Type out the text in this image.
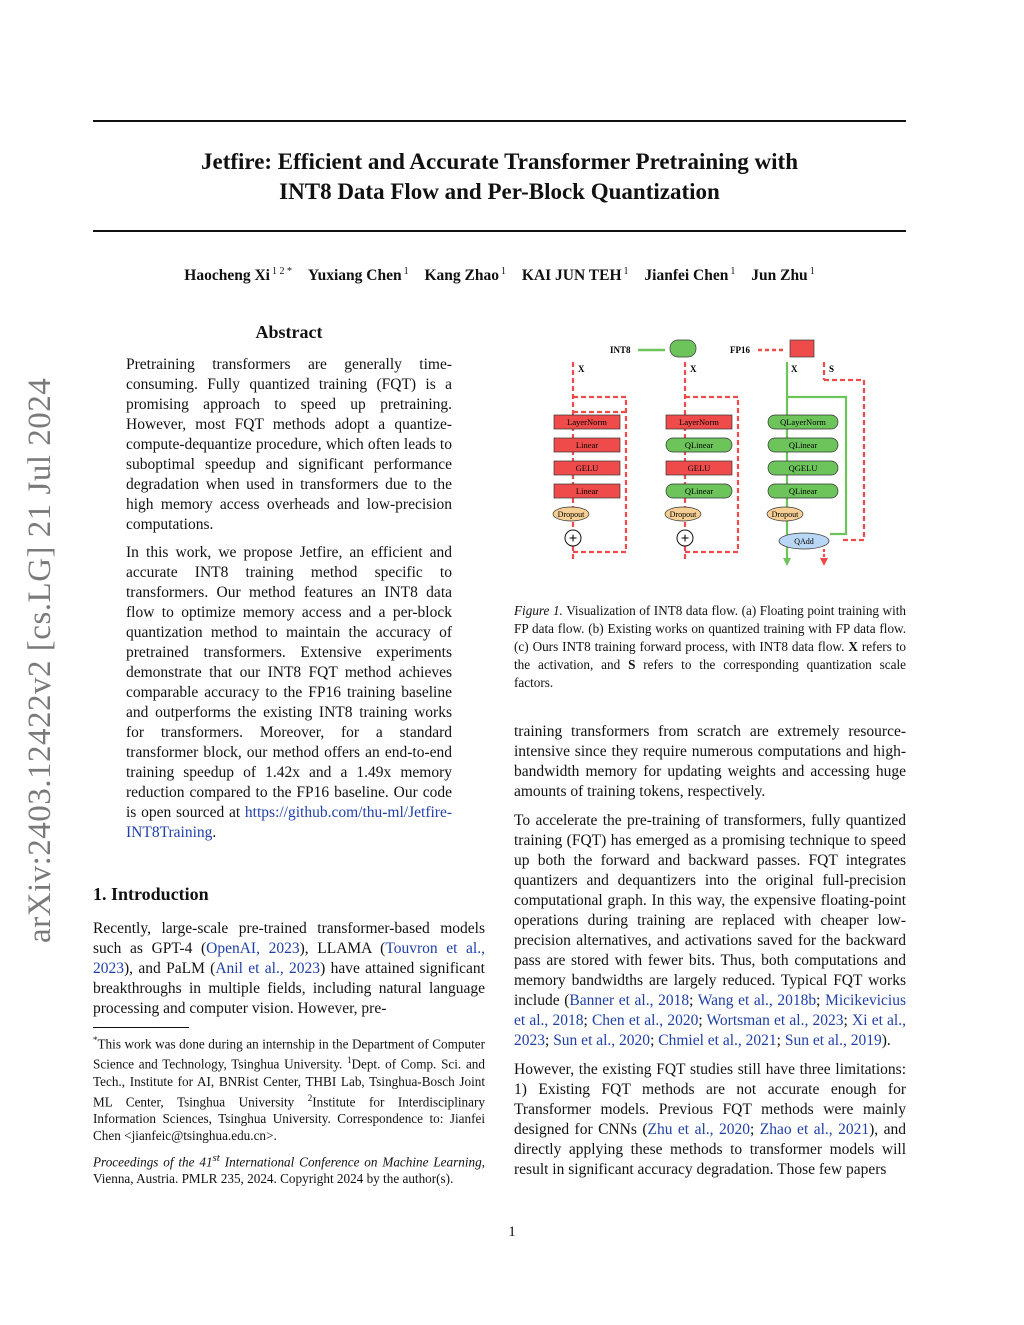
Jetfire: Efficient and Accurate Transformer Pretraining with
INT8 Data Flow and Per-Block Quantization
Haocheng Xi $^{1 2 *}$ Yuxiang Chen $^1$ Kang Zhao $^1$ KAI JUN TEH $^1$ Jianfei Chen $^1$ Jun Zhu $^1$
arXiv:2403.12422v2 [cs.LG] 21 Jul 2024
Abstract

Pretraining transformers are generally time-consuming. Fully quantized training (FQT) is a promising approach to speed up pretraining. However, most FQT methods adopt a quantize-compute-dequantize procedure, which often leads to suboptimal speedup and significant performance degradation when used in transformers due to the high memory access overheads and low-precision computations.

In this work, we propose Jetfire, an efficient and accurate INT8 training method specific to transformers. Our method features an INT8 data flow to optimize memory access and a per-block quantization method to maintain the accuracy of pretrained transformers. Extensive experiments demonstrate that our INT8 FQT method achieves comparable accuracy to the FP16 training baseline and outperforms the existing INT8 training works for transformers. Moreover, for a standard transformer block, our method offers an end-to-end training speedup of 1.42x and a 1.49x memory reduction compared to the FP16 baseline. Our code is open sourced at https://github.com/thu-ml/Jetfire-INT8Training.

1. Introduction

Recently, large-scale pre-trained transformer-based models such as GPT-4 (OpenAI, 2023), LLAMA (Touvron et al., 2023), and PaLM (Anil et al., 2023) have attained significant breakthroughs in multiple fields, including natural language processing and computer vision. However, pre-

*This work was done during an internship in the Department of Computer Science and Technology, Tsinghua University. $^1$Dept. of Comp. Sci. and Tech., Institute for AI, BNRist Center, THBI Lab, Tsinghua-Bosch Joint ML Center, Tsinghua University $^2$Institute for Interdisciplinary Information Sciences, Tsinghua University. Correspondence to: Jianfei Chen <jianfeic@tsinghua.edu.cn>.
Proceedings of the 41st International Conference on Machine Learning, Vienna, Austria. PMLR 235, 2024. Copyright 2024 by the author(s).
INT8	FP16
X
LayerNorm
Linear
GELU
Linear
Dropout
+
X
LayerNorm
QLinear
GELU
QLinear
Dropout
+
X	S
QLayerNorm
QLinear
QGELU
QLinear
Dropout
QAdd
Figure 1. Visualization of INT8 data flow. (a) Floating point training with FP data flow. (b) Existing works on quantized training with FP data flow. (c) Ours INT8 training forward process, with INT8 data flow. X refers to the activation, and S refers to the corresponding quantization scale factors.

training transformers from scratch are extremely resource-intensive since they require numerous computations and high-bandwidth memory for updating weights and accessing huge amounts of training tokens, respectively.

To accelerate the pre-training of transformers, fully quantized training (FQT) has emerged as a promising technique to speed up both the forward and backward passes. FQT integrates quantizers and dequantizers into the original full-precision computational graph. In this way, the expensive floating-point operations during training are replaced with cheaper low-precision alternatives, and activations saved for the backward pass are stored with fewer bits. Thus, both computations and memory bandwidths are largely reduced. Typical FQT works include (Banner et al., 2018; Wang et al., 2018b; Micikevicius et al., 2018; Chen et al., 2020; Wortsman et al., 2023; Xi et al., 2023; Sun et al., 2020; Chmiel et al., 2021; Sun et al., 2019).

However, the existing FQT studies still have three limitations: 1) Existing FQT methods are not accurate enough for Transformer models. Previous FQT methods were mainly designed for CNNs (Zhu et al., 2020; Zhao et al., 2021), and directly applying these methods to transformer models will result in significant accuracy degradation. Those few papers

1
